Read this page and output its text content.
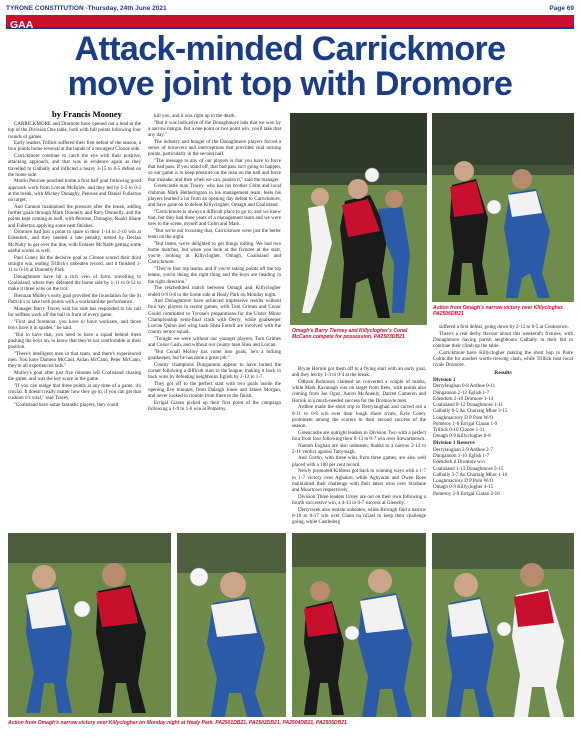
TYRONE CONSTITUTION -Thursday, 24th June 2021	Page 69
GAA
Attack-minded Carrickmore
move joint top with Dromore
by Francis Mooney

CARRICKMORE and Dromore have opened out a lead at the top of the Division One table, both with full points following four rounds of games.

Early leaders Trillick suffered their first defeat of the season, a four points home reversal at the hands of a resurgent Clonoe side.

Carrickmore continue to catch the eye with their positive, attacking approach, and that was in evidence again as they travelled to Galbally and inflicted a heavy 3-15 to 0-5 defeat on the home side.

Martin Penrose punched home a first half goal following good approach work from Lorcan McBride, and they led by 1-5 to 0-2 at the break, with Mickey Donaghy, Penrose and Daniel Fullerton on target.

And Cannon maintained the pressure after the break, adding further goals through Mark Donnelly and Rory Donnelly, and the points kept coming as well, with Penrose, Donaghy, Ruairi Shane and Fullerton applying some neat finishes.

Dromore had just a point to spare in their 1-14 to 2-10 win at Edendork, and they needed a late penalty, netted by Declan McNulty to get over the line, with Enniser McNabb getting some useful scores as well.

Paul Coney hit the decisive goal as Clonoe scored their third straight win, ending Trillick's unbeaten record, and it finished 1-11 to 0-10 at Donnelly Park.

Donaghmore have hit a rich vein of form, travelling to Coalisland, where they defeated the home side by 1-11 to 0-12 to make it three wins on the trot.

Brennan Mulley's early goal provided the foundation for the St Patrick's to take both points with a workmanlike performance.

Manager Barry Tracey said his side has responded to his call for selfless work off the ball in front of every game.

"First and foremost, you have to have workrate, and those boys have it in spades," he said.

"But to have that, you need to have a squad behind them pushing the boys on, to know that they're not comfortable in their position.

"There's intelligent men in that team, and there's experienced men. You have Damien McCaul, Aidan McCann, Peter McCann, they're all experienced lads."

Molloy's goal after just five minutes left Coalisland chasing the game, and was the key score in the game.

"If you can nudge that three points at any time of a game, it's crucial. It doesn't really matter how they go in, if you can get that cushion it's vital," said Tracey.

"Coalisland have some fantastic players, they could

kill you, and it was right up to the death.

"But it was indicative of the Donaghmore lads that we won by a narrow margin, but a one point or two point win, you'd take that any day."

The industry and hunger of the Donaghmore players forced a series of turnovers and interceptions that provided vital turning points, particularly in the second half.

"The message to any of our players is that you have to force that bad pass. If you stand off, that bad pass isn't going to happen, so our game is to keep pressure on the man on the ball and force that mistake, and then when we can, punish it," said the manager.

Greencastle man Tracey, who has his brother Colm and local clubman Mark Hetherington in his management team, feels his players learned a lot from an opening day defeat to Carrickmore, and have gone on to defeat Killyclogher, Omagh and Coalisland.

"Carrickmore is always a difficult place to go to, and we knew that, but they had three years of a management team and we were new to the scene, myself and Colm and Mark.

"But we're not excusing that, Carrickmore were just the better team on the night.

"But listen, we're delighted to get things rolling. We had two home matches, but when you look at the fixtures at the start, you're looking at Killyclogher, Omagh, Coalisland and Carrickmore.

"They're four top teams, and if you're taking points off the top teams, you're doing the right thing and the boys are heading in the right direction."

The rescheduled match between Omagh and Killyclogher ended 0-9 0-8 to the home side at Healy Park on Monday night.

And Donaghmore have achieved impressive results without four key players in recent games, with Tom Grimes and Conor Gould committed to Tyrone's preparations for the Ulster Minor Championship semi-final clash with Derry, while goalkeeper Lorcan Quinn and wing back Shea Farrell are involved with the county senior squad.

"Tonight we were without our younger players, Tom Grimes and Conor Cush, and without our county men Shea and Lorcan.

"But Conall Molloy has come into goals, he's a lurking goalkeeper, but he has done a great job."

County champions Dungannon appear to have turned the corner following a difficult start to the league, making it back to back wins by defeating neighbours Eglish by 2-12 to 1-7.

They got off to the perfect start with two goals inside the opening five minutes, from Dalaigh Jones and James Morgan, and never looked in trouble from there to the finish.

Errigal Ciaran picked up their first point of the campaign following a 1-9 to 1-6 win at Pomeroy.

Omagh's Barry Tierney and Killyclogher's Conal McCann compete for possession. PA2503DB21
Action from Omagh's narrow victory over Killyclogher. PA2506DB21

Bryan Hornik got them off to a flying start with an early goal, and they led by 1-3 to 0-4 at the break.

Odhran Robinson claimed an converted a couple of marks, while Mark Kavanagh was on target from frees, with points also coming from Joe Oguz, Aaron McAnenly, Darren Cameron and Hornik in a much-needed success for the Dromoyle men.

Ardboe made the short trip to Derrylaughan and carved out a 0-11 to 0-8 win over their lough shore rivals, Kyle Coney prominent among the scorers in their second success of the season.

Greencastle are outright leaders in Division Two with a perfect four from four following their 0-13 to 0-7 win over Stewartstown.

Naomh Eoghan are also unbeaten, thanks to a narrow 2-12 to 2-11 verdict against Tattyreagh.

And Gortin, with three wins from three games, are also well placed with a 100 per cent record.

Newly promoted Kildress got back to winning ways with a 1-7 to 1-7 victory over Aghaloo, while Aghyaran and Owen Roes maintained their challenge with their latest wins over Strabane and Moortown respectively.

Division Three leaders Urney are out on their own following a fourth successive win, a 4-13 to 0-7 success at Glenelly.

Derryracek also remain unbeaten, while Brocagh find a narrow 0-18 to 0-17 win over Clann na nGael to keep their challenge going, while Castlederg

suffered a first defeat, going down by 2-12 to 0-5 at Cookstown.

There's a real derby flavour about this weekend's fixtures, with Donaghmore having parish neighbours Galbally in their bid to continue their climb up the table.

Carrickmore have Killyclogher making the short hop to Paire Colmcille for another worth-viewing clash, while Trillick host local rivals Dromore.

Results

Division 1

Derrylaughan 0-8 Ardboe 0-11

Dungannon 2-12 Eglish 1-7

Edendork 2-10 Dromore 1-14

Coalisland 0-12 Donaghmore 1-11

Galbally 0-5 An Charraig Mhor 3-15

Loughmacrory D P Pom W/O

Pomeroy 1-6 Errigal Ciaran 1-9

Trillick 0-10 Clonoe 1-11

Omagh 0-9 Killyclogher 0-8

Division 1 Reserve

Derrylaughan 2-9 Ardboe 2-7

Dungannon 1-10 Eglish 1-7

Edendork d Dromore w/o

Coalisland 1-13 Donaghmore 3-15

Galbally 3-7 An Charraig Mhor 1-16

Loughmacrory D P Pom W/O

Omagh 0-9 Killyclogher 4-15

Pomeroy 2-8 Errigal Ciaran 2-16

Action from Omagh's narrow victory over Killyclogher on Monday night at Healy Park. PA2501DB21, PA2502DB21, PA2504DB21, PA2505DB21
